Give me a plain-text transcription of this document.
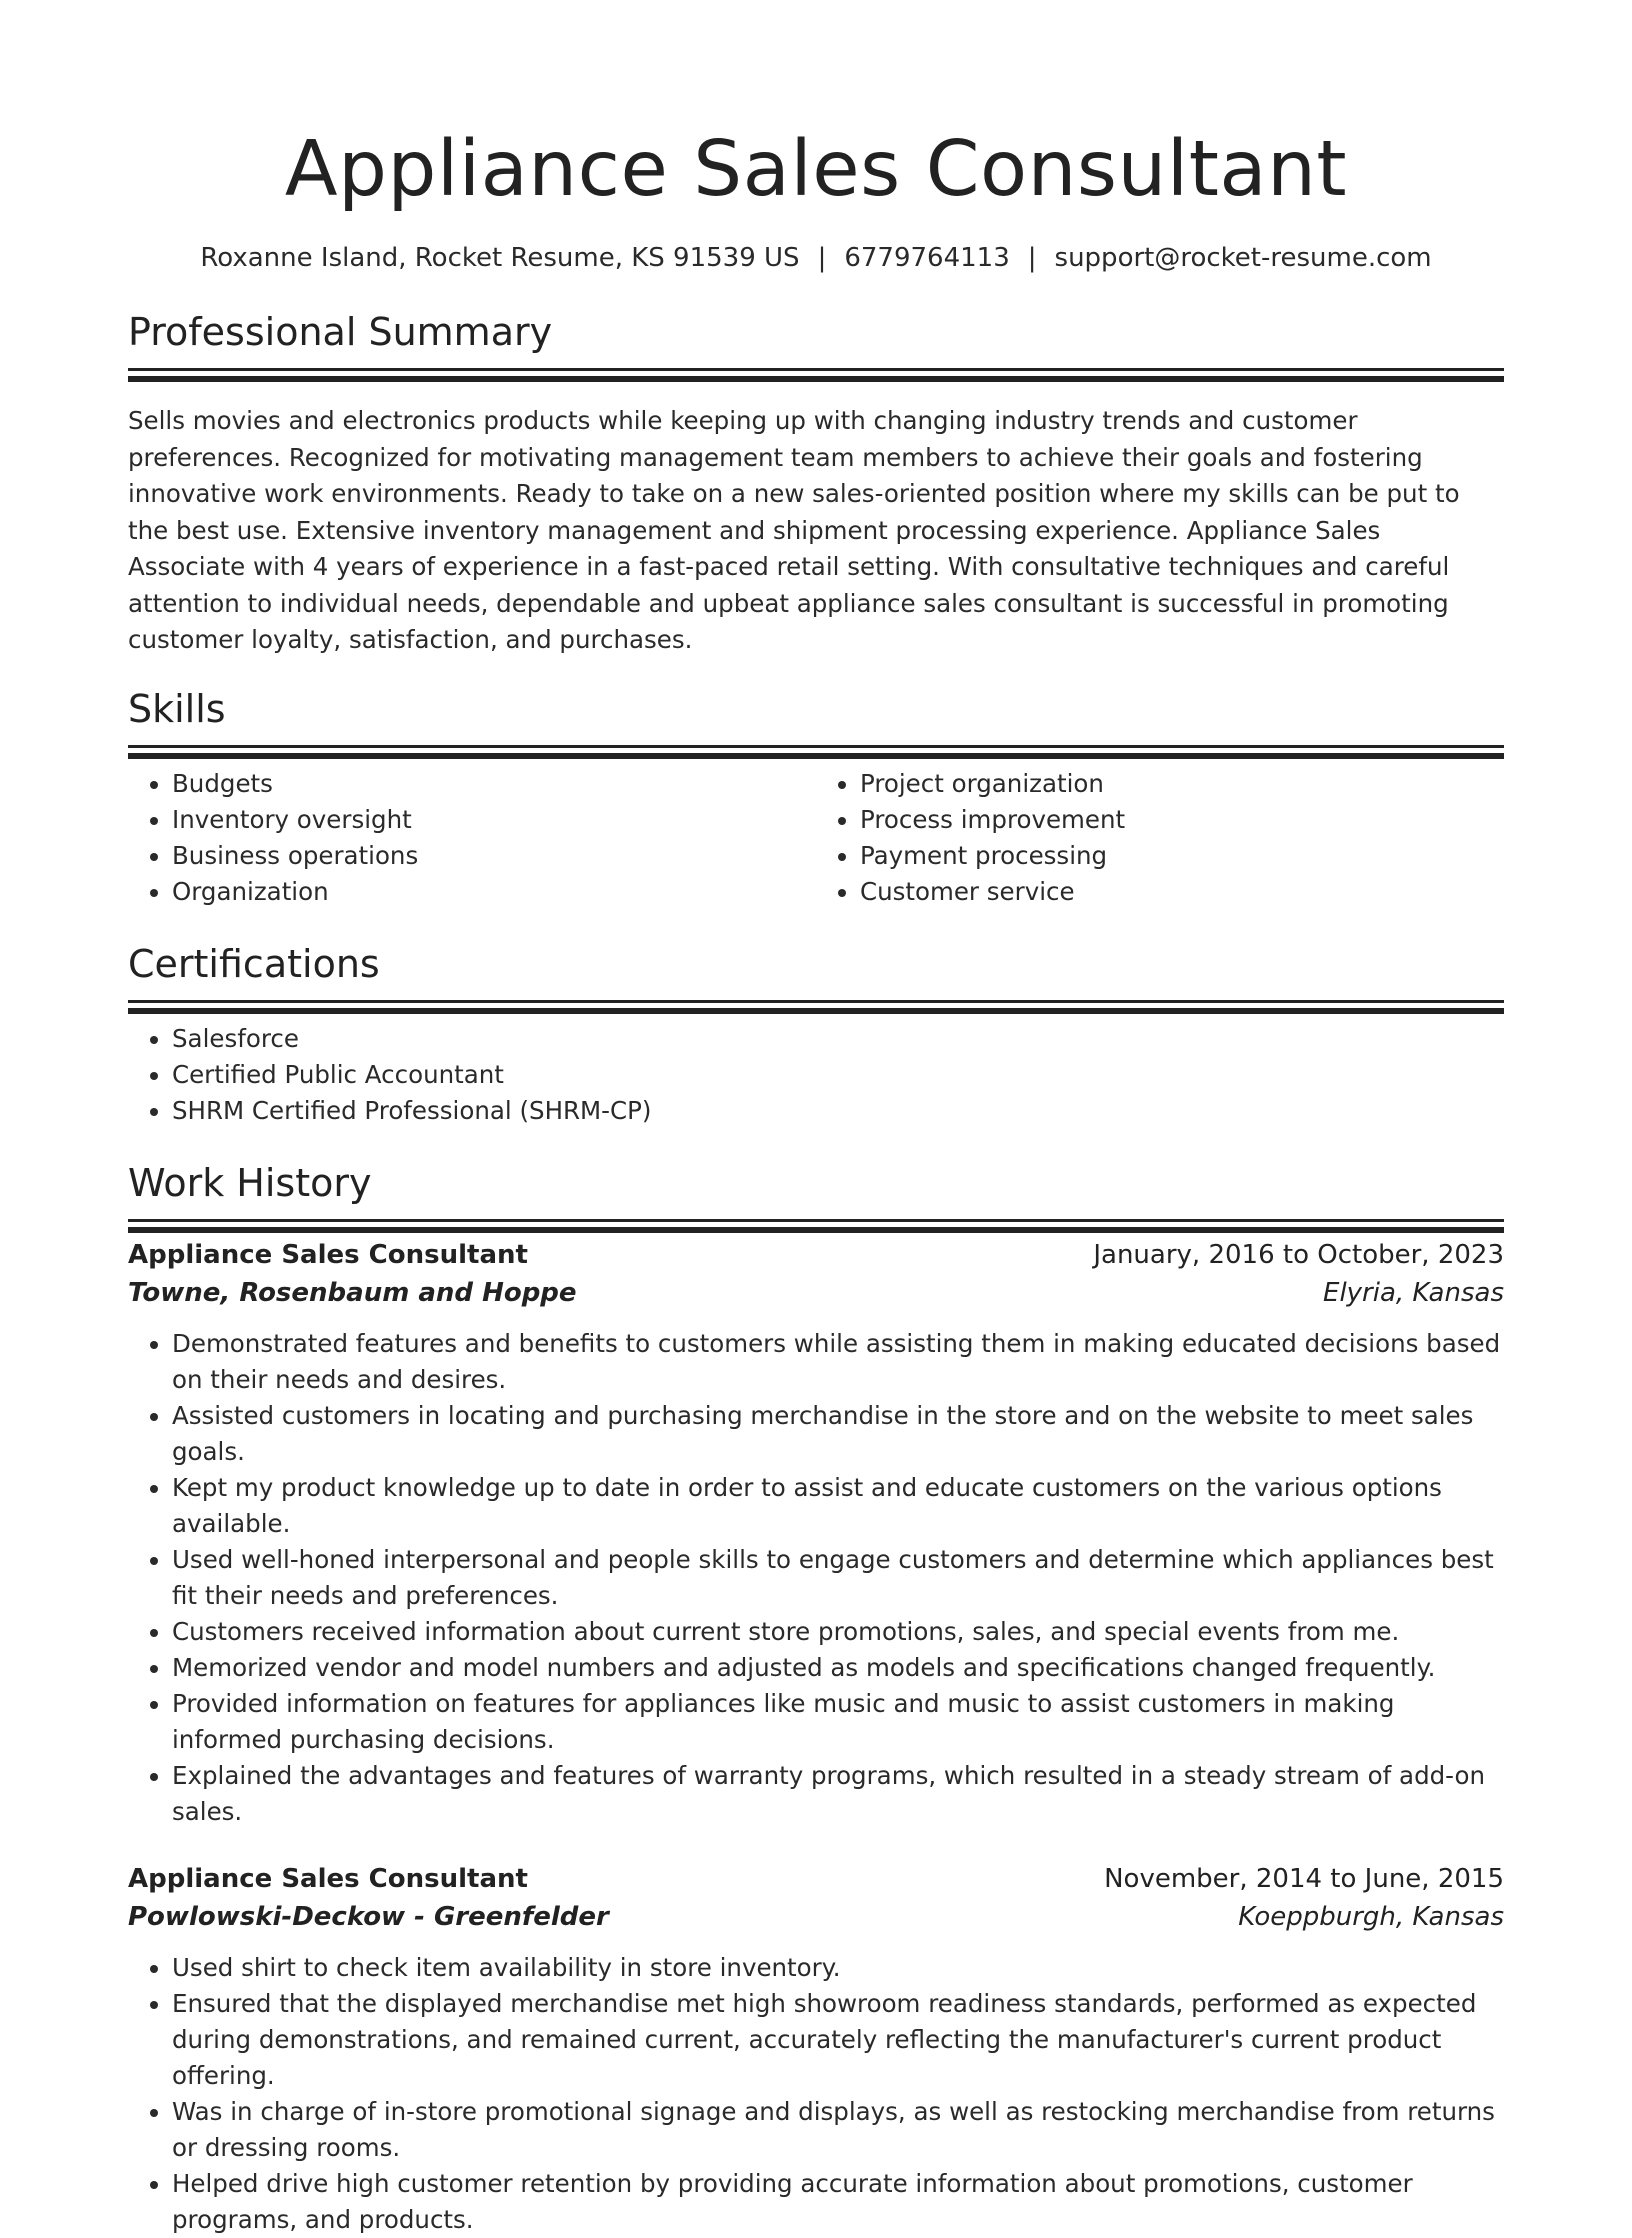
Appliance Sales Consultant
Roxanne Island, Rocket Resume, KS 91539 US | 6779764113 | support@rocket-resume.com
Professional Summary

Sells movies and electronics products while keeping up with changing industry trends and customer preferences. Recognized for motivating management team members to achieve their goals and fostering innovative work environments. Ready to take on a new sales-oriented position where my skills can be put to the best use. Extensive inventory management and shipment processing experience. Appliance Sales Associate with 4 years of experience in a fast-paced retail setting. With consultative techniques and careful attention to individual needs, dependable and upbeat appliance sales consultant is successful in promoting customer loyalty, satisfaction, and purchases.

Skills
• Budgets
• Inventory oversight
• Business operations
• Organization
• Project organization
• Process improvement
• Payment processing
• Customer service
Certifications
• Salesforce
• Certified Public Accountant
• SHRM Certified Professional (SHRM-CP)
Work History
Appliance Sales Consultant	January, 2016 to October, 2023
Towne, Rosenbaum and Hoppe	Elyria, Kansas
• Demonstrated features and benefits to customers while assisting them in making educated decisions based on their needs and desires.
• Assisted customers in locating and purchasing merchandise in the store and on the website to meet sales goals.
• Kept my product knowledge up to date in order to assist and educate customers on the various options available.
• Used well-honed interpersonal and people skills to engage customers and determine which appliances best fit their needs and preferences.
• Customers received information about current store promotions, sales, and special events from me.
• Memorized vendor and model numbers and adjusted as models and specifications changed frequently.
• Provided information on features for appliances like music and music to assist customers in making informed purchasing decisions.
• Explained the advantages and features of warranty programs, which resulted in a steady stream of add-on sales.
Appliance Sales Consultant	November, 2014 to June, 2015
Powlowski-Deckow - Greenfelder	Koeppburgh, Kansas
• Used shirt to check item availability in store inventory.
• Ensured that the displayed merchandise met high showroom readiness standards, performed as expected during demonstrations, and remained current, accurately reflecting the manufacturer's current product offering.
• Was in charge of in-store promotional signage and displays, as well as restocking merchandise from returns or dressing rooms.
• Helped drive high customer retention by providing accurate information about promotions, customer programs, and products.
